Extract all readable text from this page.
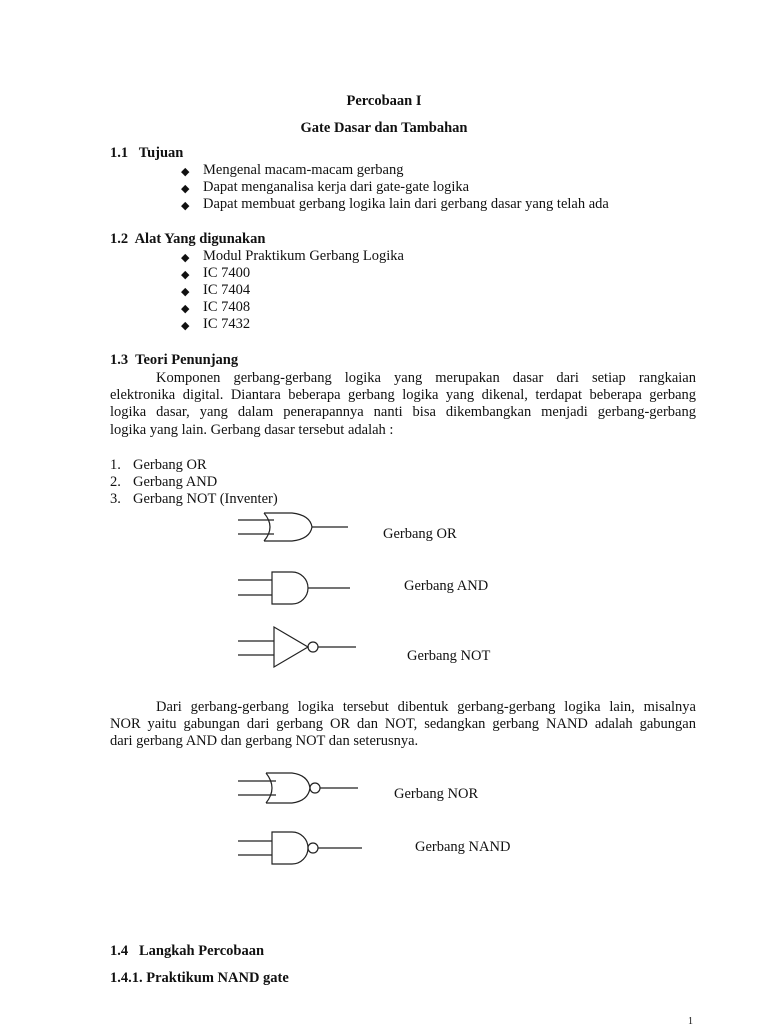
Percobaan I
Gate Dasar dan Tambahan
1.1   Tujuan
◆ Mengenal macam-macam gerbang
◆ Dapat menganalisa kerja dari gate-gate logika
◆ Dapat membuat gerbang logika lain dari gerbang dasar yang telah ada
1.2  Alat Yang digunakan
◆ Modul Praktikum Gerbang Logika
◆ IC 7400
◆ IC 7404
◆ IC 7408
◆ IC 7432
1.3  Teori Penunjang
Komponen gerbang-gerbang logika yang merupakan dasar dari setiap rangkaian
elektronika digital. Diantara beberapa gerbang logika yang dikenal, terdapat beberapa gerbang
logika dasar, yang dalam penerapannya nanti bisa dikembangkan menjadi gerbang-gerbang
logika yang lain. Gerbang dasar tersebut adalah :
1. Gerbang OR
2. Gerbang AND
3. Gerbang NOT (Inventer)
Gerbang OR
Gerbang AND
Gerbang NOT
Dari gerbang-gerbang logika tersebut dibentuk gerbang-gerbang logika lain, misalnya
NOR yaitu gabungan dari gerbang OR dan NOT, sedangkan gerbang NAND adalah gabungan
dari gerbang AND dan gerbang NOT dan seterusnya.
Gerbang NOR
Gerbang NAND
1.4   Langkah Percobaan
1.4.1. Praktikum NAND gate
1
